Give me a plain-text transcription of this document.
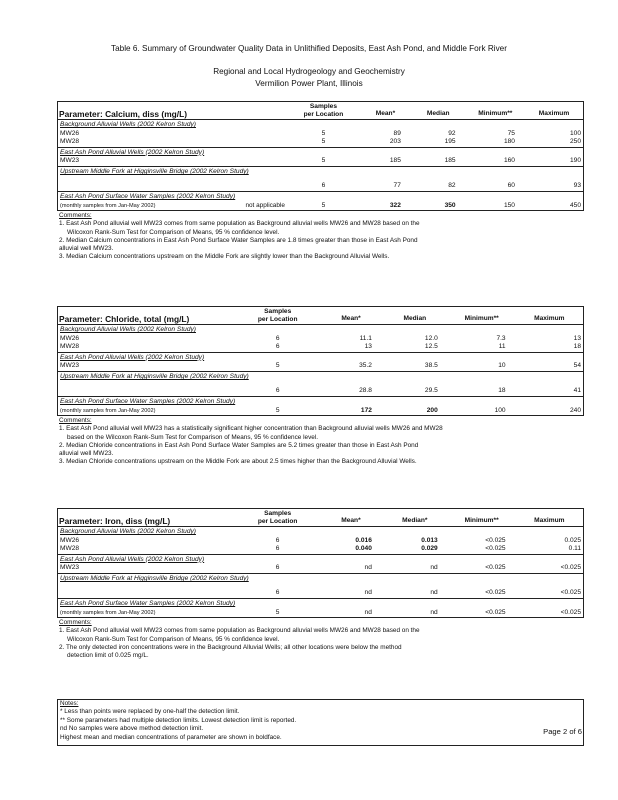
Table 6. Summary of Groundwater Quality Data in Unlithified Deposits, East Ash Pond, and Middle Fork River
Regional and Local Hydrogeology and Geochemistry
Vermilion Power Plant, Illinois
Parameter: Calcium, diss (mg/L)	Samples
per Location	Mean*	Median	Minimum**	Maximum
Background Alluvial Wells (2002 Kelron Study)					
MW26	5	89	92	75	100
MW28	5	203	195	180	250
East Ash Pond Alluvial Wells (2002 Kelron Study)					
MW23	5	185	185	160	190
Upstream Middle Fork at Higginsville Bridge (2002 Kelron Study)					
	6	77	82	60	93
East Ash Pond Surface Water Samples (2002 Kelron Study)					
(monthly samples from Jan-May 2002) not applicable	5	322	350	150	450

Comments:

1. East Ash Pond alluvial well MW23 comes from same population as Background alluvial wells MW26 and MW28 based on the

Wilcoxon Rank-Sum Test for Comparison of Means, 95 % confidence level.

2. Median Calcium concentrations in East Ash Pond Surface Water Samples are 1.8 times greater than those in East Ash Pond

alluvial well MW23.

3. Median Calcium concentrations upstream on the Middle Fork are slightly lower than the Background Alluvial Wells.

Parameter: Chloride, total (mg/L)	Samples
per Location	Mean*	Median	Minimum**	Maximum
Background Alluvial Wells (2002 Kelron Study)					
MW26	6	11.1	12.0	7.3	13
MW28	6	13	12.5	11	18
East Ash Pond Alluvial Wells (2002 Kelron Study)					
MW23	5	35.2	38.5	10	54
Upstream Middle Fork at Higginsville Bridge (2002 Kelron Study)					
	6	28.8	29.5	18	41
East Ash Pond Surface Water Samples (2002 Kelron Study)					
(monthly samples from Jan-May 2002)	5	172	200	100	240

Comments:

1. East Ash Pond alluvial well MW23 has a statistically significant higher concentration than Background alluvial wells MW26 and MW28

based on the Wilcoxon Rank-Sum Test for Comparison of Means, 95 % confidence level.

2. Median Chloride concentrations in East Ash Pond Surface Water Samples are 5.2 times greater than those in East Ash Pond

alluvial well MW23.

3. Median Chloride concentrations upstream on the Middle Fork are about 2.5 times higher than the Background Alluvial Wells.

Parameter: Iron, diss (mg/L)	Samples
per Location	Mean*	Median*	Minimum**	Maximum
Background Alluvial Wells (2002 Kelron Study)					
MW26	6	0.016	0.013	<0.025	0.025
MW28	6	0.040	0.029	<0.025	0.11
East Ash Pond Alluvial Wells (2002 Kelron Study)					
MW23	6	nd	nd	<0.025	<0.025
Upstream Middle Fork at Higginsville Bridge (2002 Kelron Study)					
	6	nd	nd	<0.025	<0.025
East Ash Pond Surface Water Samples (2002 Kelron Study)					
(monthly samples from Jan-May 2002)	5	nd	nd	<0.025	<0.025

Comments:

1. East Ash Pond alluvial well MW23 comes from same population as Background alluvial wells MW26 and MW28 based on the

Wilcoxon Rank-Sum Test for Comparison of Means, 95 % confidence level.

2. The only detected iron concentrations were in the Background Alluvial Wells; all other locations were below the method

detection limit of 0.025 mg/L.

Notes:

* Less than points were replaced by one-half the detection limit.

** Some parameters had multiple detection limits. Lowest detection limit is reported.

nd No samples were above method detection limit.

Highest mean and median concentrations of parameter are shown in boldface.

Page 2 of 6
